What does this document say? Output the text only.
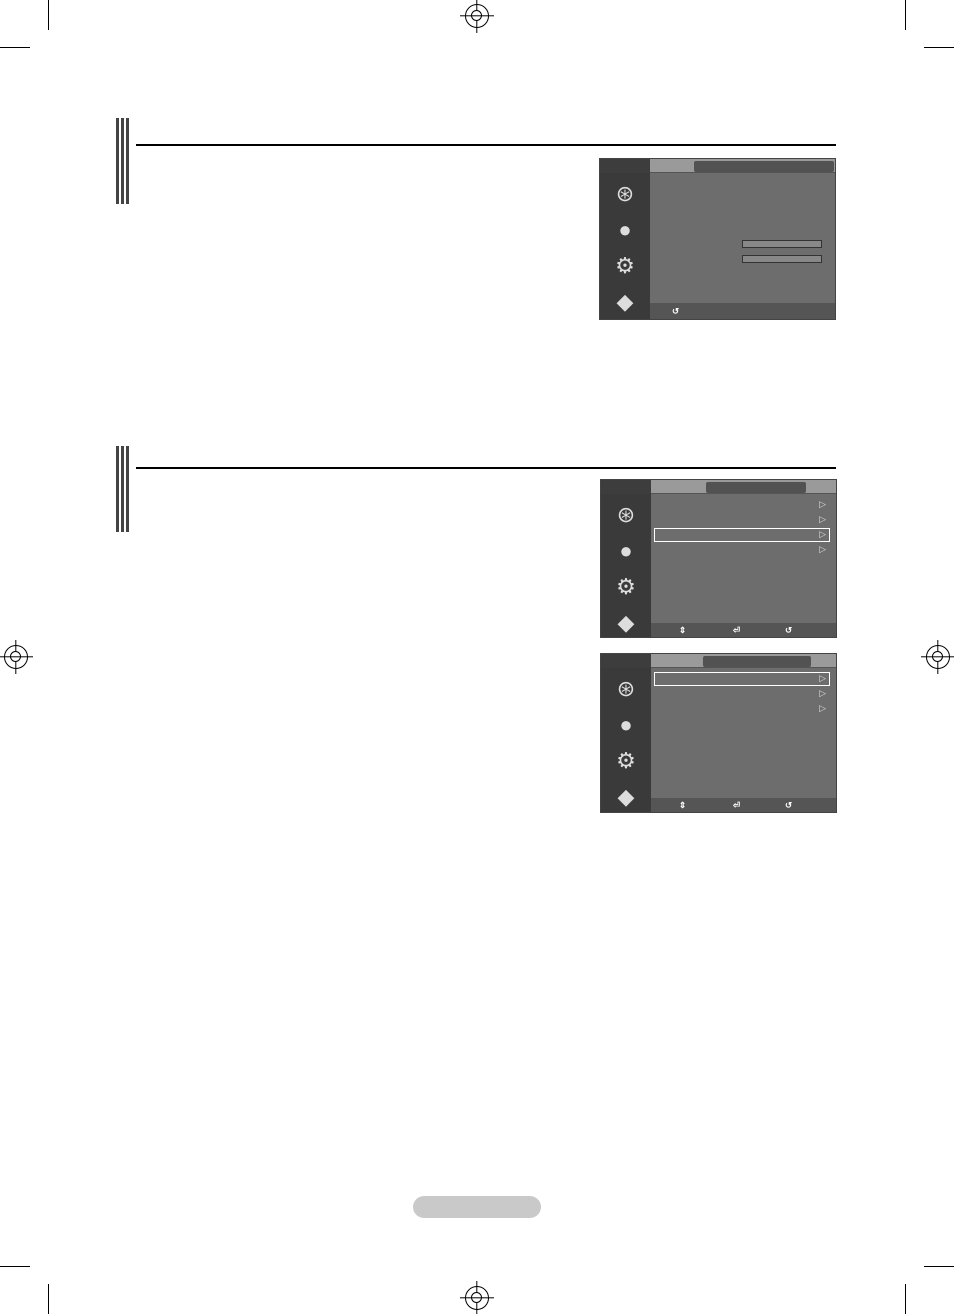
⊛
●
⚙
◆	↺
⊛
●
⚙
◆
▷
▷
▷
▷
⇕	⏎	↺
⊛
●
⚙
◆
▷
▷
▷
⇕	⏎	↺
